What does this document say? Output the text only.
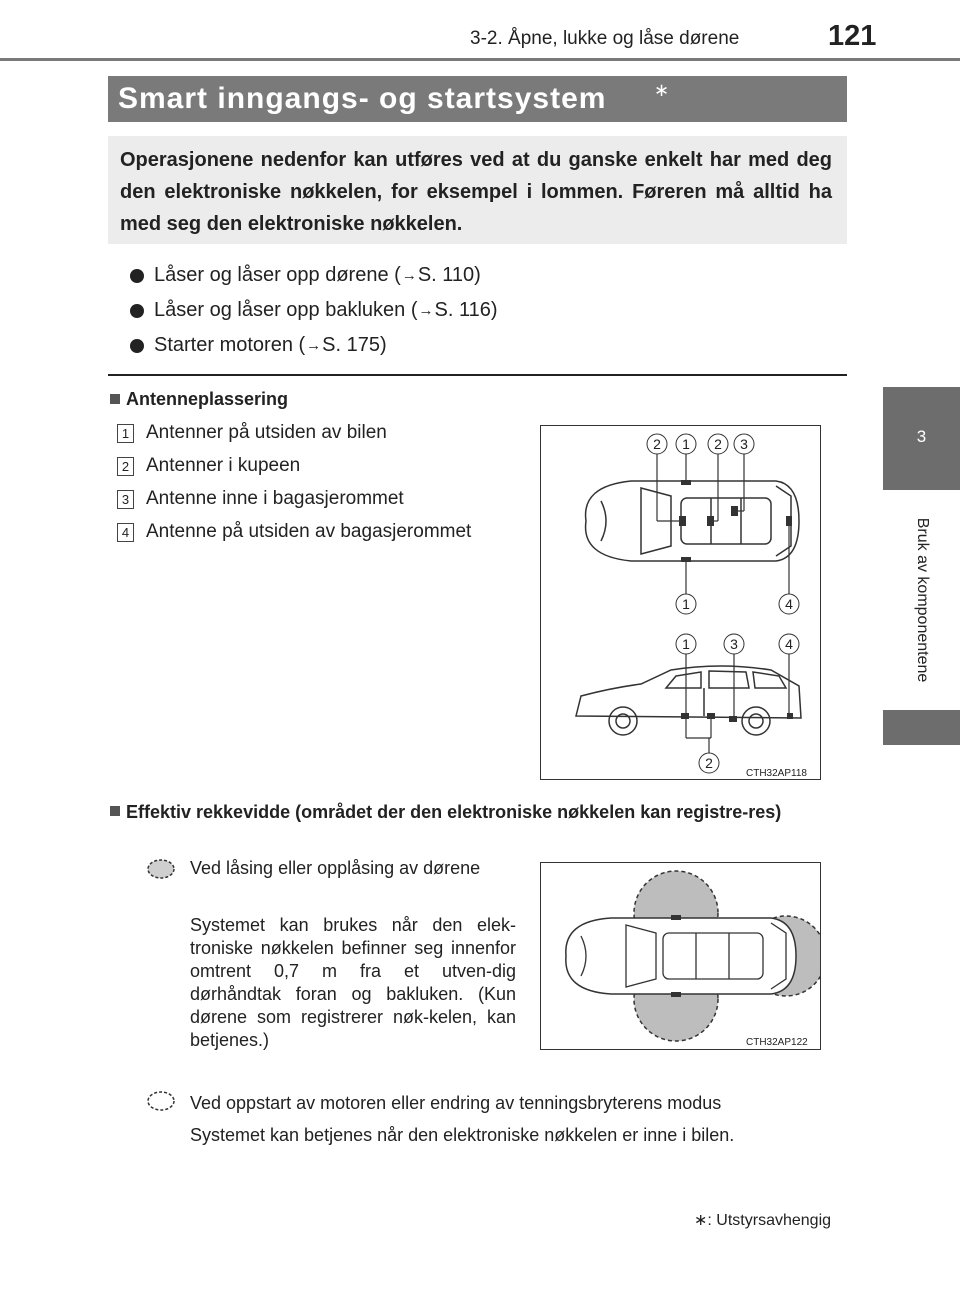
3-2. Åpne, lukke og låse dørene	121
3
Bruk av komponentene
Smart inngangs- og startsystem	∗
Operasjonene nedenfor kan utføres ved at du ganske enkelt har med deg den elektroniske nøkkelen, for eksempel i lommen. Føreren må alltid ha med seg den elektroniske nøkkelen.
Låser og låser opp dørene ( → S. 110)
Låser og låser opp bakluken ( → S. 116)
Starter motoren ( → S. 175)
Antenneplassering
1 Antenner på utsiden av bilen
2 Antenner i kupeen
3 Antenne inne i bagasjerommet
4 Antenne på utsiden av bagasjerommet
2 1 2 3
1	4
1	3	4
2
CTH32AP118
Effektiv rekkevidde (området der den elektroniske nøkkelen kan registre-res)
Ved låsing eller opplåsing av dørene
Systemet kan brukes når den elek-troniske nøkkelen befinner seg innenfor omtrent 0,7 m fra et utven-dig dørhåndtak foran og bakluken. (Kun dørene som registrerer nøk-kelen, kan betjenes.)	CTH32AP122
Ved oppstart av motoren eller endring av tenningsbryterens modus
Systemet kan betjenes når den elektroniske nøkkelen er inne i bilen.
∗: Utstyrsavhengig
